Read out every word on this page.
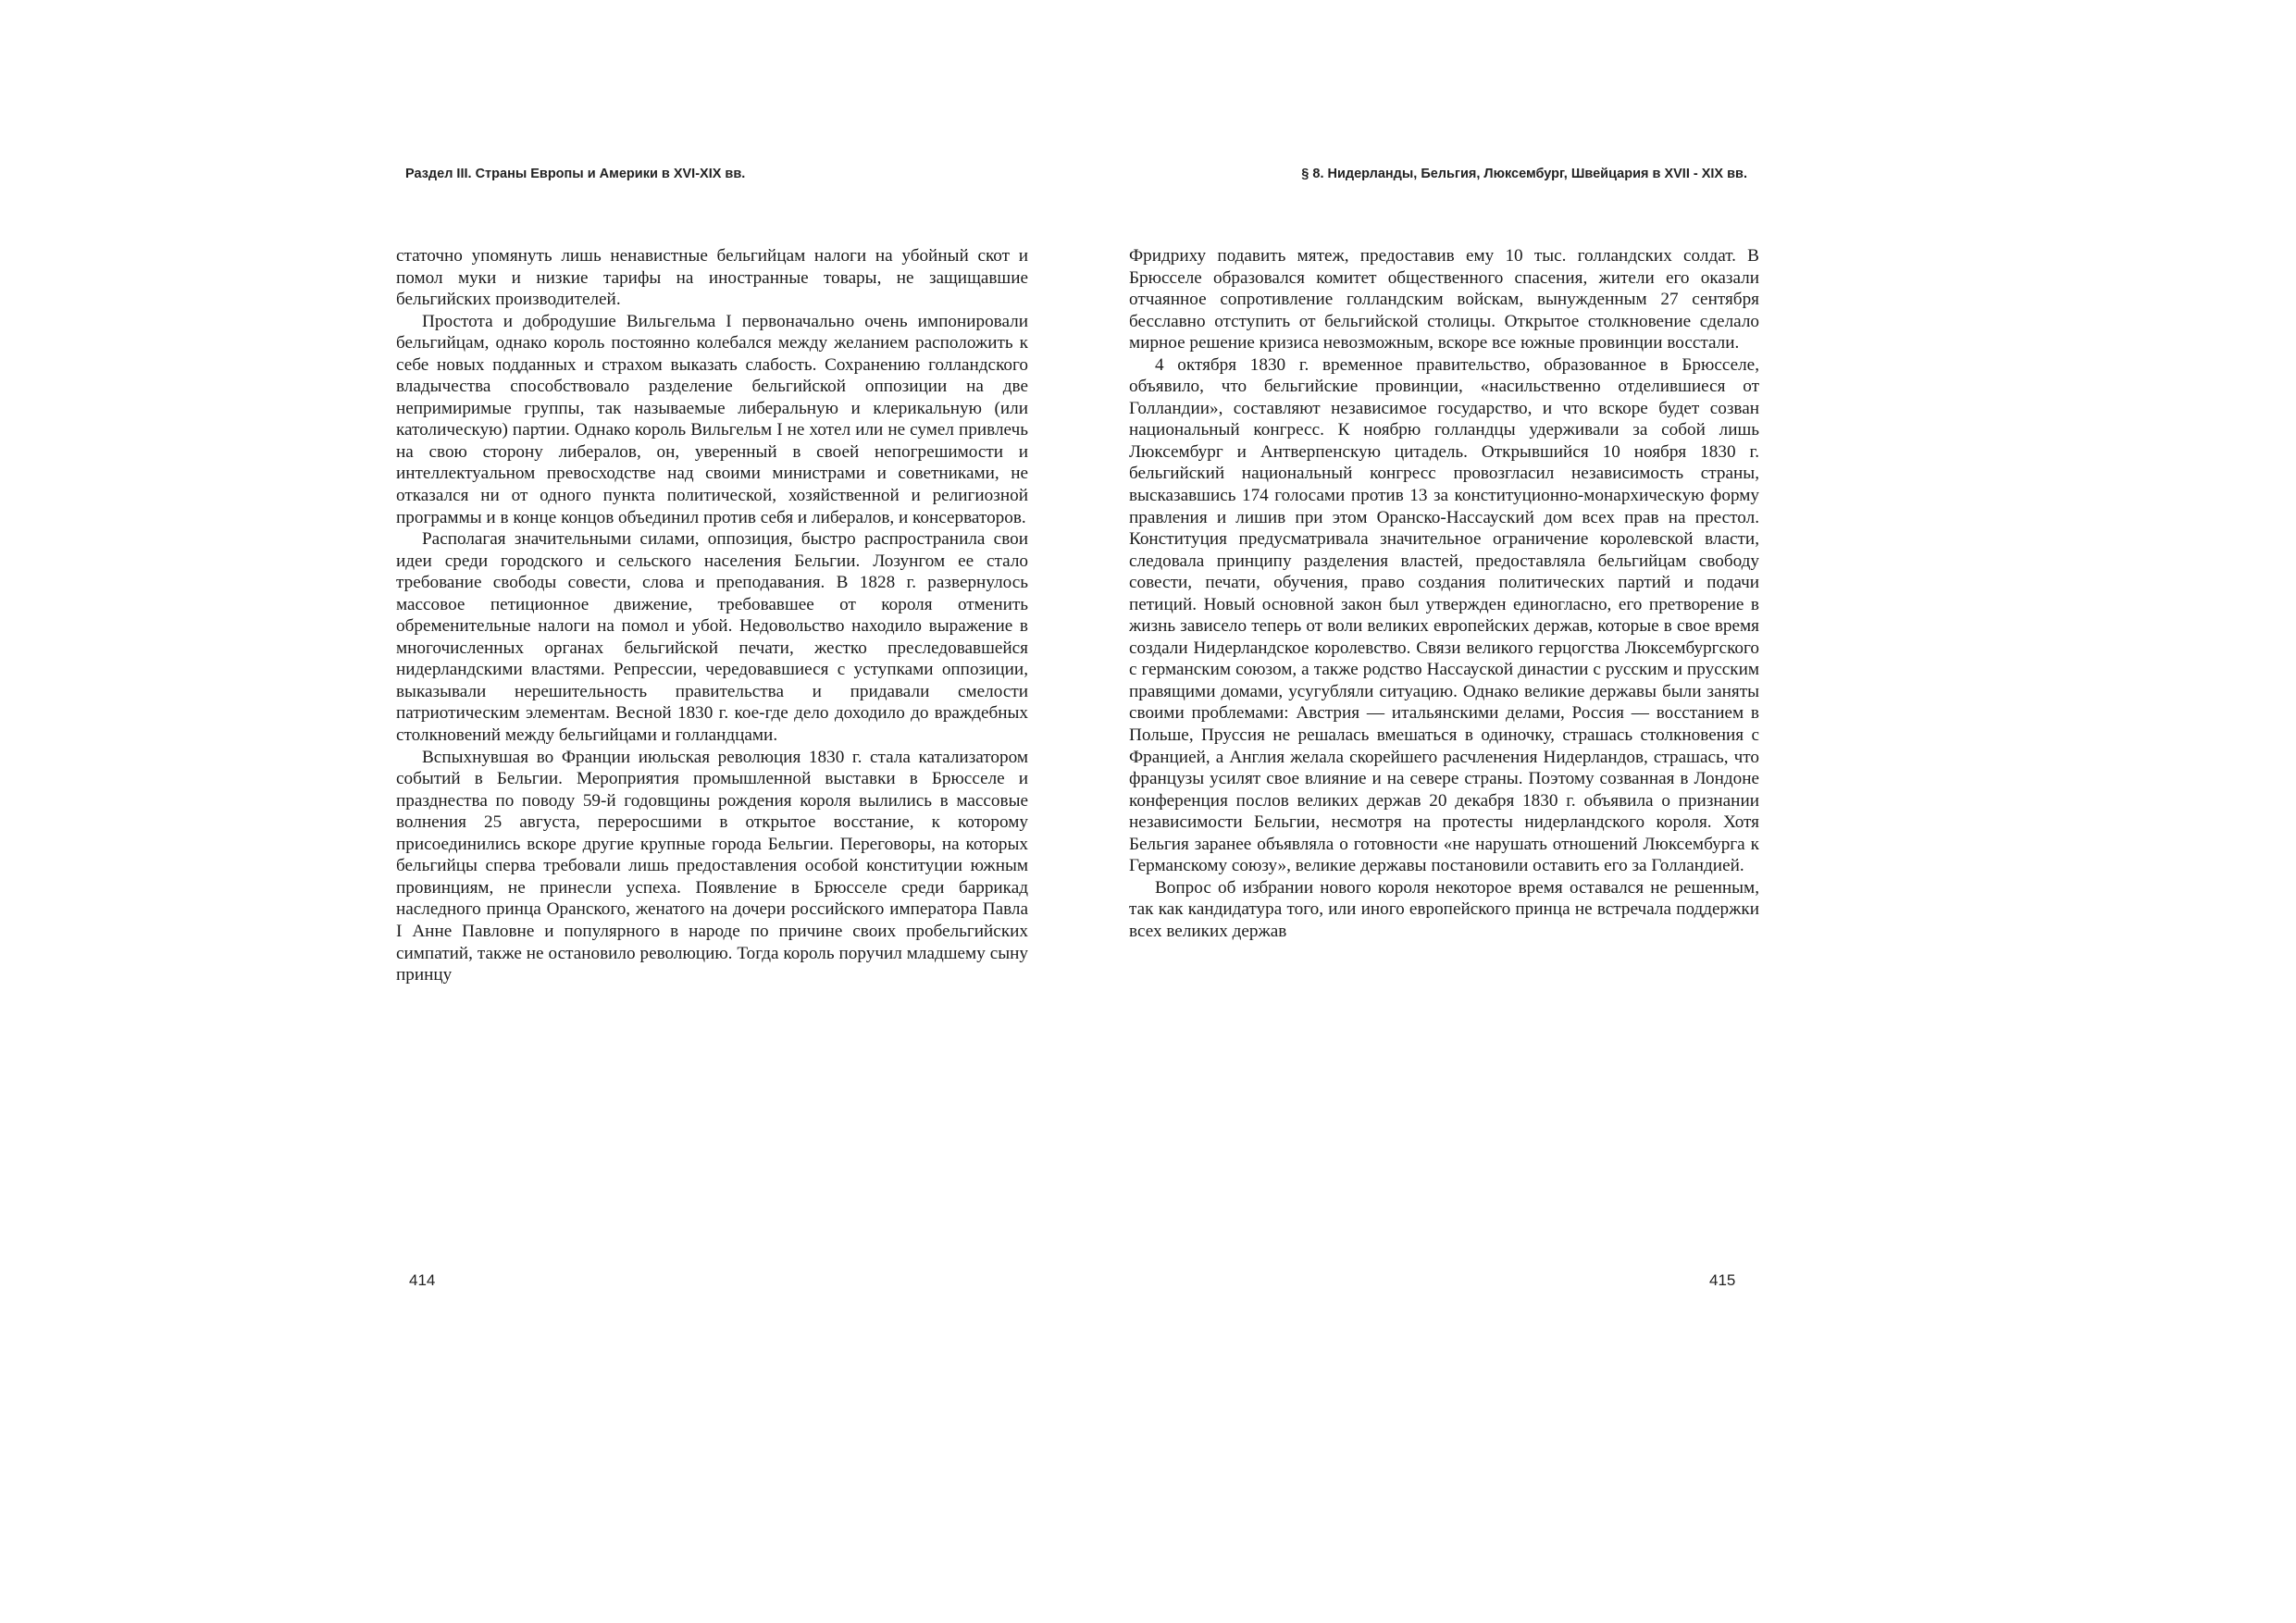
Раздел III. Страны Европы и Америки в XVI-XIX вв.	§ 8. Нидерланды, Бельгия, Люксембург, Швейцария в XVII - XIX вв.

статочно упомянуть лишь ненавистные бельгийцам налоги на убойный скот и помол муки и низкие тарифы на иностранные товары, не защищавшие бельгийских производителей.

Простота и добродушие Вильгельма I первоначально очень импонировали бельгийцам, однако король постоянно колебался между желанием расположить к себе новых подданных и страхом выказать слабость. Сохранению голландского владычества способствовало разделение бельгийской оппозиции на две непримиримые группы, так называемые либеральную и клерикальную (или католическую) партии. Однако король Вильгельм I не хотел или не сумел привлечь на свою сторону либералов, он, уверенный в своей непогрешимости и интеллектуальном превосходстве над своими министрами и советниками, не отказался ни от одного пункта политической, хозяйственной и религиозной программы и в конце концов объединил против себя и либералов, и консерваторов.

Располагая значительными силами, оппозиция, быстро распространила свои идеи среди городского и сельского населения Бельгии. Лозунгом ее стало требование свободы совести, слова и преподавания. В 1828 г. развернулось массовое петиционное движение, требовавшее от короля отменить обременительные налоги на помол и убой. Недовольство находило выражение в многочисленных органах бельгийской печати, жестко преследовавшейся нидерландскими властями. Репрессии, чередовавшиеся с уступками оппозиции, выказывали нерешительность правительства и придавали смелости патриотическим элементам. Весной 1830 г. кое-где дело доходило до враждебных столкновений между бельгийцами и голландцами.

Вспыхнувшая во Франции июльская революция 1830 г. стала катализатором событий в Бельгии. Мероприятия промышленной выставки в Брюсселе и празднества по поводу 59-й годовщины рождения короля вылились в массовые волнения 25 августа, переросшими в открытое восстание, к которому присоединились вскоре другие крупные города Бельгии. Переговоры, на которых бельгийцы сперва требовали лишь предоставления особой конституции южным провинциям, не принесли успеха. Появление в Брюсселе среди баррикад наследного принца Оранского, женатого на дочери российского императора Павла I Анне Павловне и популярного в народе по причине своих пробельгийских симпатий, также не остановило революцию. Тогда король поручил младшему сыну принцу

Фридриху подавить мятеж, предоставив ему 10 тыс. голландских солдат. В Брюсселе образовался комитет общественного спасения, жители его оказали отчаянное сопротивление голландским войскам, вынужденным 27 сентября бесславно отступить от бельгийской столицы. Открытое столкновение сделало мирное решение кризиса невозможным, вскоре все южные провинции восстали.

4 октября 1830 г. временное правительство, образованное в Брюсселе, объявило, что бельгийские провинции, «насильственно отделившиеся от Голландии», составляют независимое государство, и что вскоре будет созван национальный конгресс. К ноябрю голландцы удерживали за собой лишь Люксембург и Антверпенскую цитадель. Открывшийся 10 ноября 1830 г. бельгийский национальный конгресс провозгласил независимость страны, высказавшись 174 голосами против 13 за конституционно-монархическую форму правления и лишив при этом Оранско-Нассауский дом всех прав на престол. Конституция предусматривала значительное ограничение королевской власти, следовала принципу разделения властей, предоставляла бельгийцам свободу совести, печати, обучения, право создания политических партий и подачи петиций. Новый основной закон был утвержден единогласно, его претворение в жизнь зависело теперь от воли великих европейских держав, которые в свое время создали Нидерландское королевство. Связи великого герцогства Люксембургского с германским союзом, а также родство Нассауской династии с русским и прусским правящими домами, усугубляли ситуацию. Однако великие державы были заняты своими проблемами: Австрия — итальянскими делами, Россия — восстанием в Польше, Пруссия не решалась вмешаться в одиночку, страшась столкновения с Францией, а Англия желала скорейшего расчленения Нидерландов, страшась, что французы усилят свое влияние и на севере страны. Поэтому созванная в Лондоне конференция послов великих держав 20 декабря 1830 г. объявила о признании независимости Бельгии, несмотря на протесты нидерландского короля. Хотя Бельгия заранее объявляла о готовности «не нарушать отношений Люксембурга к Германскому союзу», великие державы постановили оставить его за Голландией.

Вопрос об избрании нового короля некоторое время оставался не решенным, так как кандидатура того, или иного европейского принца не встречала поддержки всех великих держав

414	415
